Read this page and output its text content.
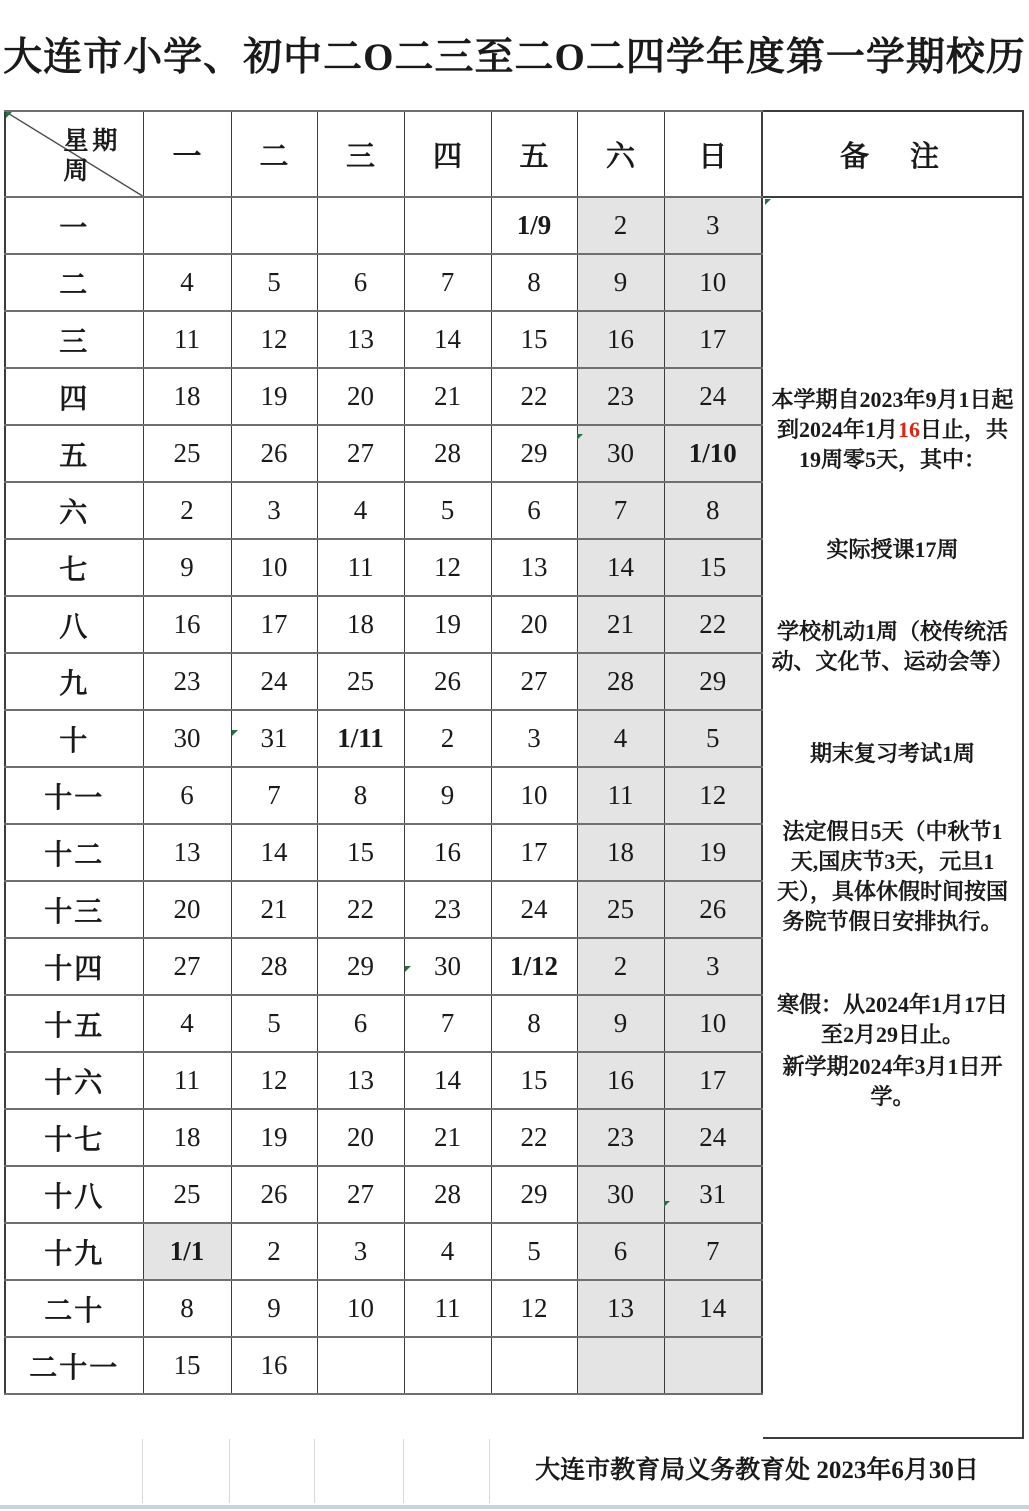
大连市小学、初中二O二三至二O二四学年度第一学期校历
星期
周	一	二	三	四	五	六	日
一					1/9	2	3
二	4	5	6	7	8	9	10
三	11	12	13	14	15	16	17
四	18	19	20	21	22	23	24
五	25	26	27	28	29	30	1/10
六	2	3	4	5	6	7	8
七	9	10	11	12	13	14	15
八	16	17	18	19	20	21	22
九	23	24	25	26	27	28	29
十	30	31	1/11	2	3	4	5
十一	6	7	8	9	10	11	12
十二	13	14	15	16	17	18	19
十三	20	21	22	23	24	25	26
十四	27	28	29	30	1/12	2	3
十五	4	5	6	7	8	9	10
十六	11	12	13	14	15	16	17
十七	18	19	20	21	22	23	24
十八	25	26	27	28	29	30	31
十九	1/1	2	3	4	5	6	7
二十	8	9	10	11	12	13	14
二十一	15	16					
备　注

本学期自2023年9月1日起到2024年1月16日止，共19周零5天，其中：

实际授课17周

学校机动1周（校传统活动、文化节、运动会等）

期末复习考试1周

法定假日5天（中秋节1天,国庆节3天，元旦1天），具体休假时间按国务院节假日安排执行。

寒假：从2024年1月17日至2月29日止。

新学期2024年3月1日开学。

大连市教育局义务教育处 2023年6月30日
